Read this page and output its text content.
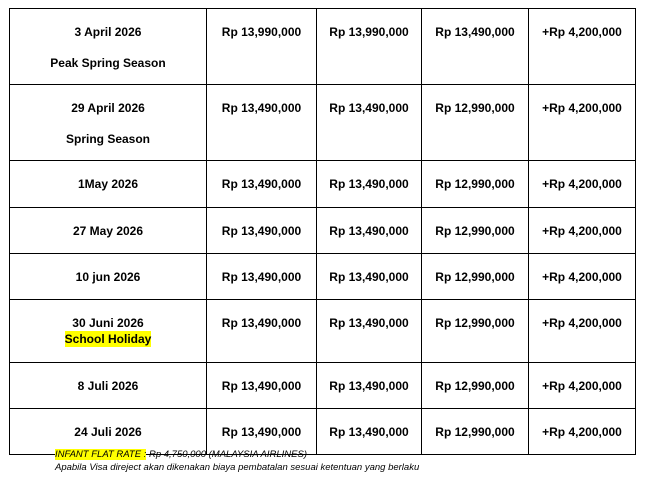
3 April 2026
Peak Spring Season	Rp 13,990,000	Rp 13,990,000	Rp 13,490,000	+Rp 4,200,000

29 April 2026
Spring Season	Rp 13,490,000	Rp 13,490,000	Rp 12,990,000	+Rp 4,200,000

1May 2026	Rp 13,490,000	Rp 13,490,000	Rp 12,990,000	+Rp 4,200,000

27 May 2026	Rp 13,490,000	Rp 13,490,000	Rp 12,990,000	+Rp 4,200,000

10 jun 2026	Rp 13,490,000	Rp 13,490,000	Rp 12,990,000	+Rp 4,200,000

30 Juni 2026
School Holiday	Rp 13,490,000	Rp 13,490,000	Rp 12,990,000	+Rp 4,200,000

8 Juli 2026	Rp 13,490,000	Rp 13,490,000	Rp 12,990,000	+Rp 4,200,000

24 Juli 2026	Rp 13,490,000	Rp 13,490,000	Rp 12,990,000	+Rp 4,200,000
INFANT FLAT RATE : Rp 4,750,000 (MALAYSIA AIRLINES)
Apabila Visa direject akan dikenakan biaya pembatalan sesuai ketentuan yang berlaku
